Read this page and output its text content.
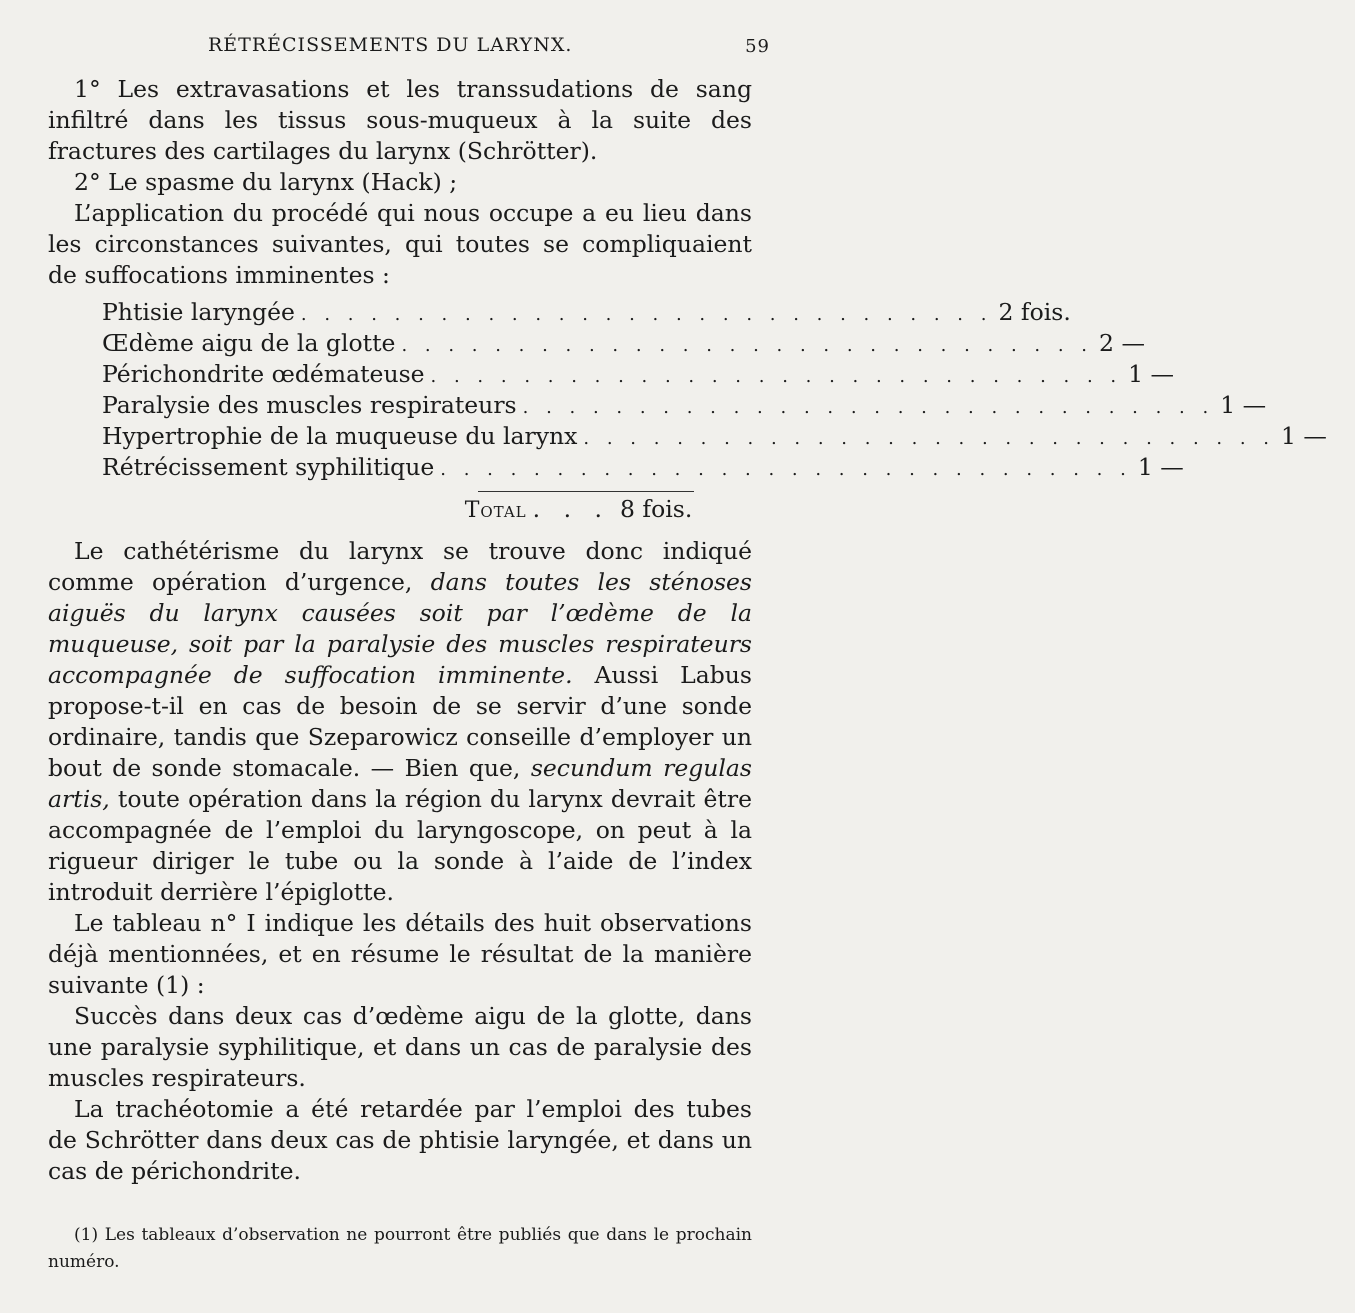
RÉTRÉCISSEMENTS DU LARYNX.	59

1° Les extravasations et les transsudations de sang infiltré dans les tissus sous-muqueux à la suite des fractures des cartilages du larynx (Schrötter).

2° Le spasme du larynx (Hack) ;

L’application du procédé qui nous occupe a eu lieu dans les circonstances suivantes, qui toutes se compliquaient de suffocations imminentes :

Phtisie laryngée . . . . . . . . . . . . . . . . . . . . . . . . . . . . . . 2 fois.
Œdème aigu de la glotte . . . . . . . . . . . . . . . . . . . . . . . . . . . . . . 2 —
Périchondrite œdémateuse . . . . . . . . . . . . . . . . . . . . . . . . . . . . . . 1 —
Paralysie des muscles respirateurs . . . . . . . . . . . . . . . . . . . . . . . . . . . . . . 1 —
Hypertrophie de la muqueuse du larynx . . . . . . . . . . . . . . . . . . . . . . . . . . . . . . 1 —
Rétrécissement syphilitique . . . . . . . . . . . . . . . . . . . . . . . . . . . . . . 1 —
Total . . . 8 fois.

Le cathétérisme du larynx se trouve donc indiqué comme opération d’urgence, dans toutes les sténoses aiguës du larynx causées soit par l’œdème de la muqueuse, soit par la paralysie des muscles respirateurs accompagnée de suffocation imminente. Aussi Labus propose-t-il en cas de besoin de se servir d’une sonde ordinaire, tandis que Szeparowicz conseille d’employer un bout de sonde stomacale. — Bien que, secundum regulas artis, toute opération dans la région du larynx devrait être accompagnée de l’emploi du laryngoscope, on peut à la rigueur diriger le tube ou la sonde à l’aide de l’index introduit derrière l’épiglotte.

Le tableau n° I indique les détails des huit observations déjà mentionnées, et en résume le résultat de la manière suivante (1) :

Succès dans deux cas d’œdème aigu de la glotte, dans une paralysie syphilitique, et dans un cas de paralysie des muscles respirateurs.

La trachéotomie a été retardée par l’emploi des tubes de Schrötter dans deux cas de phtisie laryngée, et dans un cas de périchondrite.

(1) Les tableaux d’observation ne pourront être publiés que dans le prochain numéro.
